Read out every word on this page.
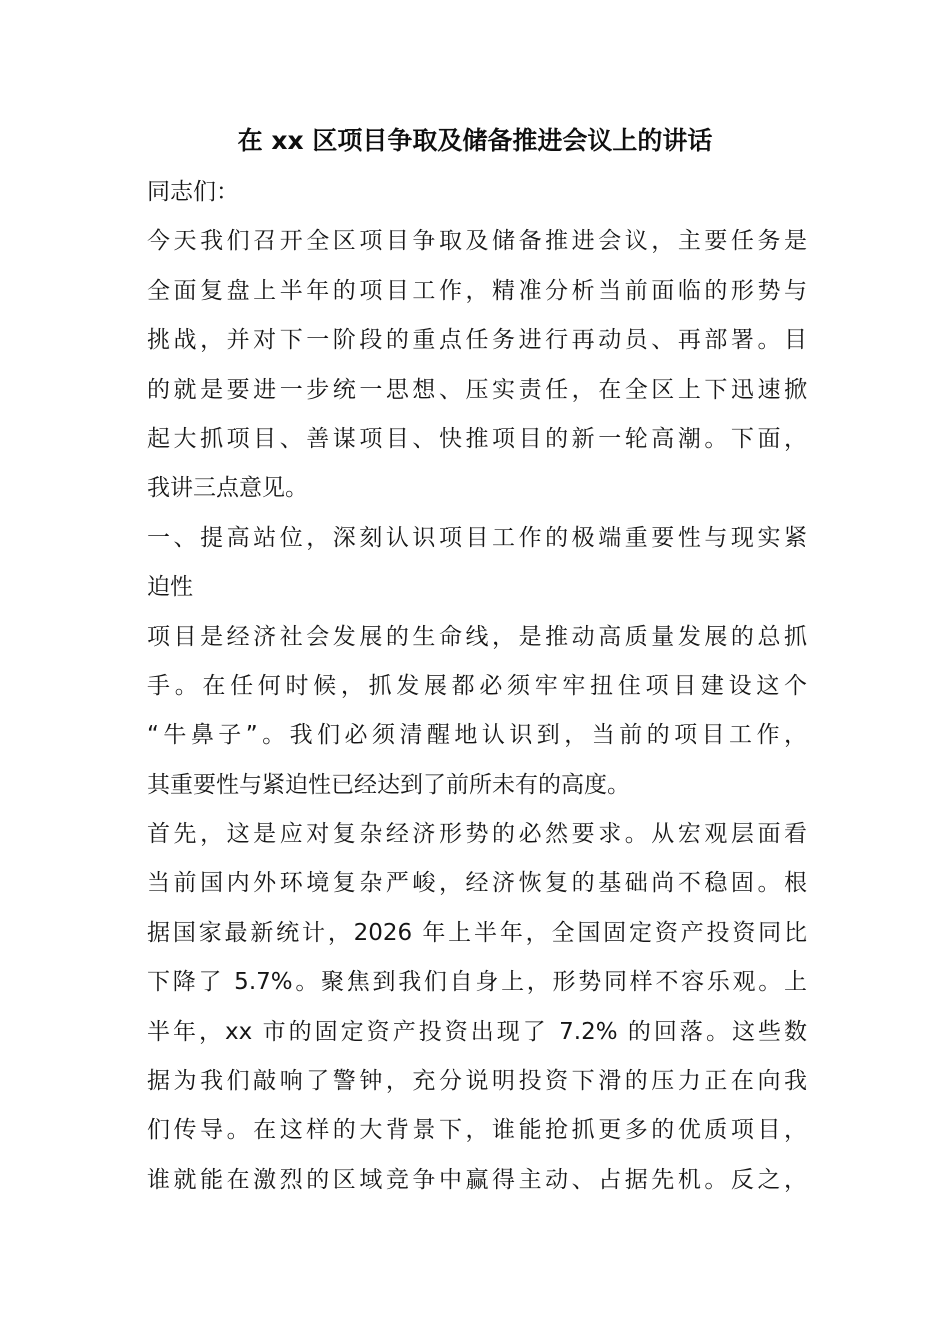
在 xx 区项目争取及储备推进会议上的讲话
同志们：
今天我们召开全区项目争取及储备推进会议，主要任务是
全面复盘上半年的项目工作，精准分析当前面临的形势与
挑战，并对下一阶段的重点任务进行再动员、再部署。目
的就是要进一步统一思想、压实责任，在全区上下迅速掀
起大抓项目、善谋项目、快推项目的新一轮高潮。下面，
我讲三点意见。
一、提高站位，深刻认识项目工作的极端重要性与现实紧
迫性
项目是经济社会发展的生命线，是推动高质量发展的总抓
手。在任何时候，抓发展都必须牢牢扭住项目建设这个
“牛鼻子”。我们必须清醒地认识到，当前的项目工作，
其重要性与紧迫性已经达到了前所未有的高度。
首先，这是应对复杂经济形势的必然要求。从宏观层面看
当前国内外环境复杂严峻，经济恢复的基础尚不稳固。根
据国家最新统计，2026 年上半年，全国固定资产投资同比
下降了 5.7%。聚焦到我们自身上，形势同样不容乐观。上
半年，xx 市的固定资产投资出现了 7.2% 的回落。这些数
据为我们敲响了警钟，充分说明投资下滑的压力正在向我
们传导。在这样的大背景下，谁能抢抓更多的优质项目，
谁就能在激烈的区域竞争中赢得主动、占据先机。反之，
